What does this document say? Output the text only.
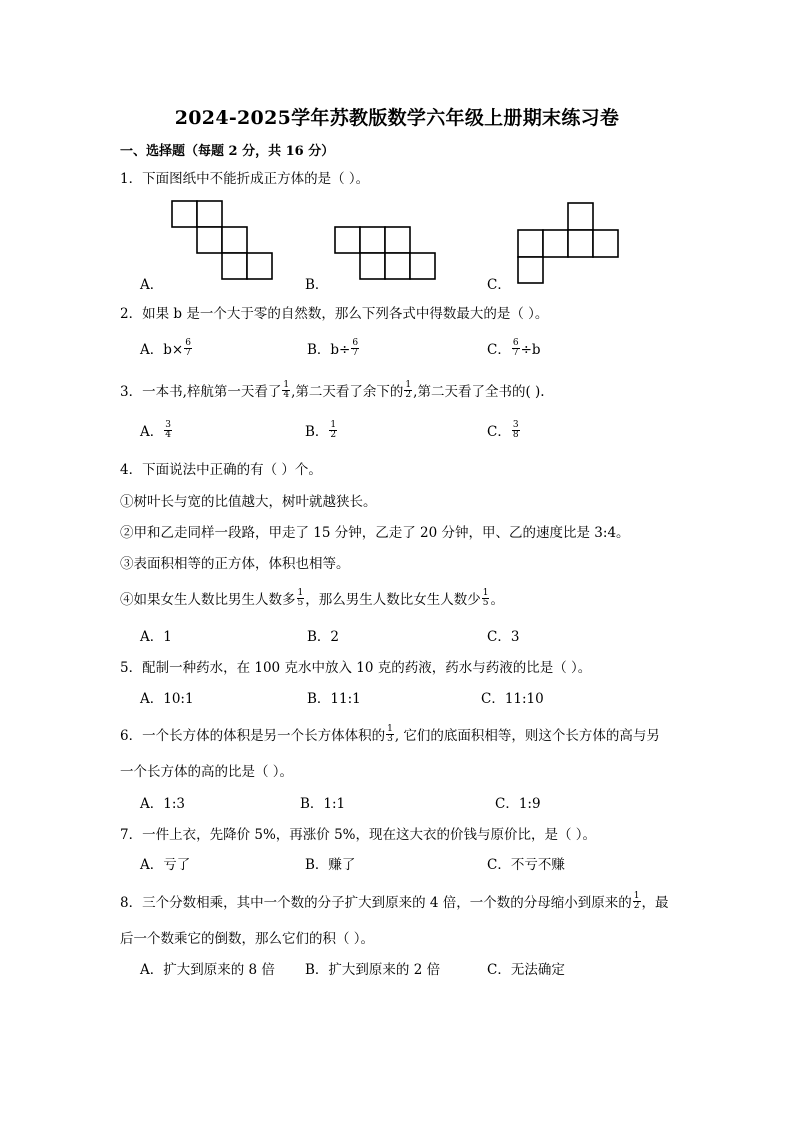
2024-2025学年苏教版数学六年级上册期末练习卷
一、选择题（每题 2 分，共 16 分）
1．下面图纸中不能折成正方体的是（ ）。
A．	B．	C．
2．如果 b 是一个大于零的自然数，那么下列各式中得数最大的是（ ）。
A．$b\times \frac{6}{7}$	B．$b\div \frac{6}{7}$	C． $\frac{6}{7} \div b$
3．一本书,梓航第一天看了 $\frac{1}{4}$ ,第二天看了余下的 $\frac{1}{2}$ ,第二天看了全书的( ).
A． $\frac{3}{4}$	B． $\frac{1}{2}$	C． $\frac{3}{8}$
4．下面说法中正确的有（ ）个。
①树叶长与宽的比值越大，树叶就越狭长。
②甲和乙走同样一段路，甲走了 15 分钟，乙走了 20 分钟，甲、乙的速度比是 3:4。
③表面积相等的正方体，体积也相等。
④如果女生人数比男生人数多 $\frac{1}{5}$ ，那么男生人数比女生人数少 $\frac{1}{5}$ 。
A．1	B．2	C．3
5．配制一种药水，在 100 克水中放入 10 克的药液，药水与药液的比是（ ）。
A．10:1	B．11:1	C．11:10
6．一个长方体的体积是另一个长方体体积的 $\frac{1}{3}$ , 它们的底面积相等，则这个长方体的高与另
一个长方体的高的比是（ ）。
A．1:3	B．1:1	C．1:9
7．一件上衣，先降价 5%，再涨价 5%，现在这大衣的价钱与原价比，是（ ）。
A．亏了	B．赚了	C．不亏不赚
8．三个分数相乘，其中一个数的分子扩大到原来的 4 倍，一个数的分母缩小到原来的 $\frac{1}{2}$ ，最
后一个数乘它的倒数，那么它们的积（ ）。
A．扩大到原来的 8 倍 B．扩大到原来的 2 倍	C．无法确定
